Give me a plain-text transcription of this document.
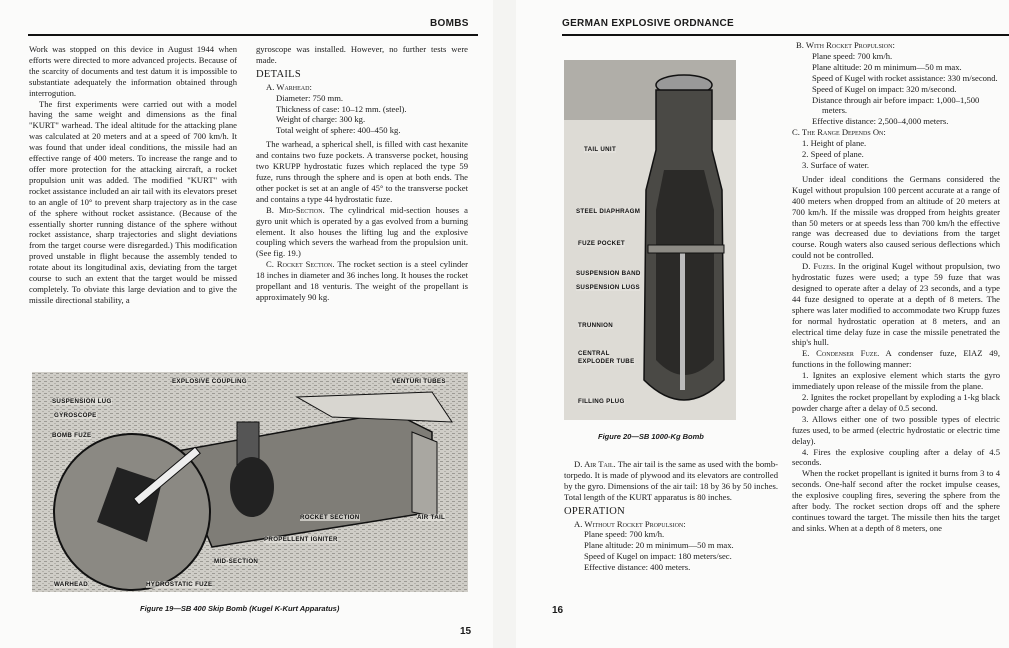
BOMBS

Work was stopped on this device in August 1944 when efforts were directed to more advanced projects. Because of the scarcity of documents and test datum it is impossible to substantiate adequately the information obtained through interrogution.

The first experiments were carried out with a model having the same weight and dimensions as the final "KURT" warhead. The ideal altitude for the attacking plane was calculated at 20 meters and at a speed of 700 km/h. It was found that under ideal conditions, the missile had an effective range of 400 meters. To increase the range and to offer more protection for the attacking aircraft, a rocket propulsion unit was added. The modified "KURT" with rocket assistance included an air tail with its elevators preset to an angle of 10° to prevent sharp trajectory as in the case of the sphere without rocket assistance. (Because of the essentially shorter running distance of the sphere without rocket assistance, sharp trajectories and slight deviations from the target course were disregarded.) This modification proved unstable in flight because the assembly tended to rotate about its longitudinal axis, deviating from the target course to such an extent that the target would be missed completely. To obviate this large deviation and to give the missile directional stability, a

gyroscope was installed. However, no further tests were made.

DETAILS

A. Warhead:

Diameter: 750 mm.

Thickness of case: 10–12 mm. (steel).

Weight of charge: 300 kg.

Total weight of sphere: 400–450 kg.

The warhead, a spherical shell, is filled with cast hexanite and contains two fuze pockets. A transverse pocket, housing two KRUPP hydrostatic fuzes which replaced the type 59 fuze, runs through the sphere and is open at both ends. The other pocket is set at an angle of 45° to the transverse pocket and contains a type 44 hydrostatic fuze.

B. Mid-Section. The cylindrical mid-section houses a gyro unit which is operated by a gas evolved from a burning element. It also houses the lifting lug and the explosive coupling which severs the warhead from the propulsion unit. (See fig. 19.)

C. Rocket Section. The rocket section is a steel cylinder 18 inches in diameter and 36 inches long. It houses the rocket propellant and 18 venturis. The weight of the propellant is approximately 90 kg.

EXPLOSIVE COUPLING	VENTURI TUBES
SUSPENSION LUG
GYROSCOPE
BOMB FUZE
ROCKET SECTION	AIR TAIL
PROPELLENT IGNITER
MID-SECTION
WARHEAD	HYDROSTATIC FUZE
Figure 19—SB 400 Skip Bomb (Kugel K-Kurt Apparatus)
15
GERMAN EXPLOSIVE ORDNANCE
TAIL UNIT
STEEL DIAPHRAGM
FUZE POCKET
SUSPENSION BAND
SUSPENSION LUGS
TRUNNION
CENTRAL
EXPLODER TUBE
FILLING PLUG
Figure 20—SB 1000-Kg Bomb

D. Air Tail. The air tail is the same as used with the bomb-torpedo. It is made of plywood and its elevators are controlled by the gyro. Dimensions of the air tail: 18 by 36 by 50 inches. Total length of the KURT apparatus is 80 inches.

OPERATION

A. Without Rocket Propulsion:

Plane speed: 700 km/h.

Plane altitude: 20 m minimum—50 m max.

Speed of Kugel on impact: 180 meters/sec.

Effective distance: 400 meters.

16

B. With Rocket Propulsion:

Plane speed: 700 km/h.

Plane altitude: 20 m minimum—50 m max.

Speed of Kugel with rocket assistance: 330 m/second.

Speed of Kugel on impact: 320 m/second.

Distance through air before impact: 1,000–1,500 meters.

Effective distance: 2,500–4,000 meters.

C. The Range Depends On:

1. Height of plane.

2. Speed of plane.

3. Surface of water.

Under ideal conditions the Germans considered the Kugel without propulsion 100 percent accurate at a range of 400 meters when dropped from an altitude of 20 meters at 700 km/h. If the missile was dropped from heights greater than 50 meters or at speeds less than 700 km/h the effective range was decreased due to deviations from the target course. Rough waters also caused serious deflections which could not be controlled.

D. Fuzes. In the original Kugel without propulsion, two hydrostatic fuzes were used; a type 59 fuze that was designed to operate after a delay of 23 seconds, and a type 44 fuze designed to operate at a depth of 8 meters. The sphere was later modified to accommodate two Krupp fuzes for normal hydrostatic operation at 8 meters, and an electrical time delay fuze in case the missile penetrated the ship's hull.

E. Condenser Fuze. A condenser fuze, ElAZ 49, functions in the following manner:

1. Ignites an explosive element which starts the gyro immediately upon release of the missile from the plane.

2. Ignites the rocket propellant by exploding a 1-kg black powder charge after a delay of 0.5 second.

3. Allows either one of two possible types of electric fuzes used, to be armed (electric hydrostatic or electric time delay).

4. Fires the explosive coupling after a delay of 4.5 seconds.

When the rocket propellant is ignited it burns from 3 to 4 seconds. One-half second after the rocket impulse ceases, the explosive coupling fires, severing the sphere from the after body. The rocket section drops off and the sphere continues toward the target. The missile then hits the target and sinks. When at a depth of 8 meters, one
